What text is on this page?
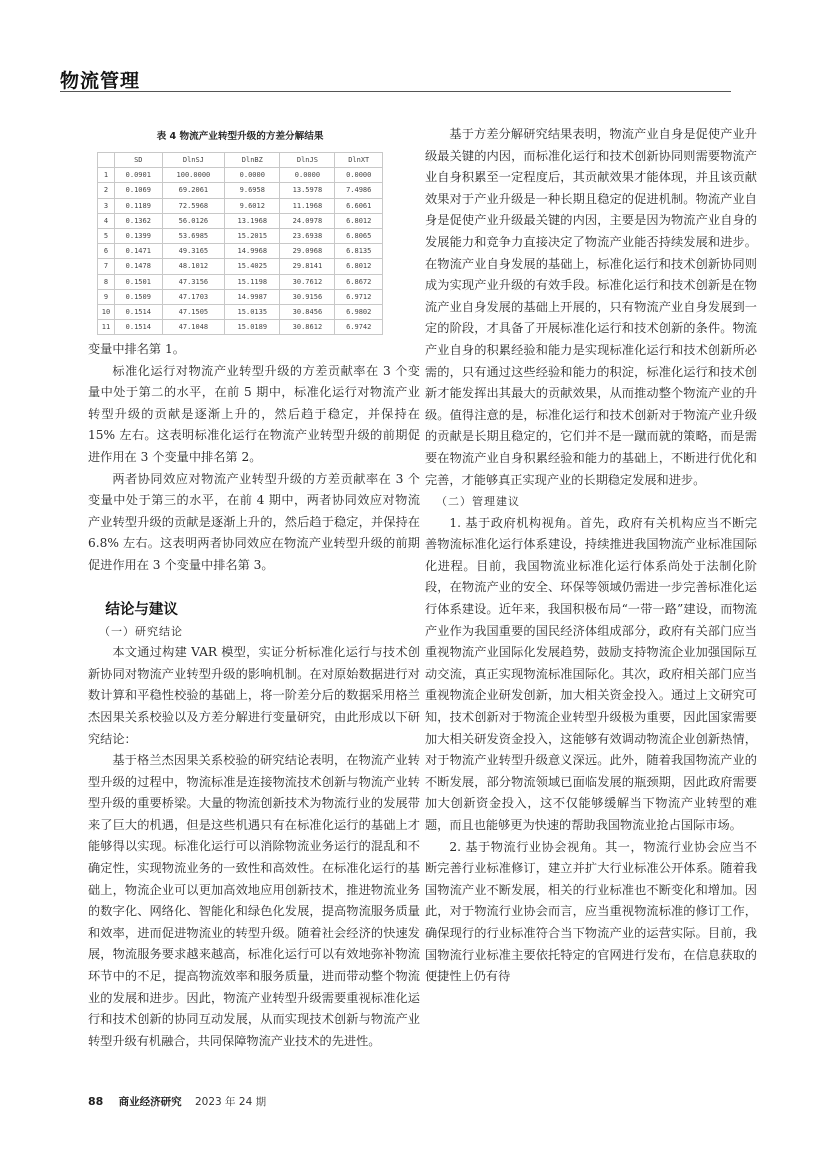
物流管理
表 4 物流产业转型升级的方差分解结果
	SD	DlnSJ	DlnBZ	DlnJS	DlnXT
1	0.0901	100.0000	0.0000	0.0000	0.0000
2	0.1069	69.2061	9.6958	13.5978	7.4986
3	0.1189	72.5968	9.6012	11.1968	6.6061
4	0.1362	56.0126	13.1968	24.0978	6.8012
5	0.1399	53.6985	15.2015	23.6938	6.8065
6	0.1471	49.3165	14.9968	29.0968	6.8135
7	0.1478	48.1012	15.4025	29.8141	6.8012
8	0.1501	47.3156	15.1198	30.7612	6.8672
9	0.1509	47.1703	14.9987	30.9156	6.9712
10	0.1514	47.1505	15.0135	30.8456	6.9802
11	0.1514	47.1048	15.0189	30.8612	6.9742

变量中排名第 1。

标准化运行对物流产业转型升级的方差贡献率在 3 个变量中处于第二的水平，在前 5 期中，标准化运行对物流产业转型升级的贡献是逐渐上升的，然后趋于稳定，并保持在 15% 左右。这表明标准化运行在物流产业转型升级的前期促进作用在 3 个变量中排名第 2。

两者协同效应对物流产业转型升级的方差贡献率在 3 个变量中处于第三的水平，在前 4 期中，两者协同效应对物流产业转型升级的贡献是逐渐上升的，然后趋于稳定，并保持在 6.8% 左右。这表明两者协同效应在物流产业转型升级的前期促进作用在 3 个变量中排名第 3。

结论与建议
（一）研究结论

本文通过构建 VAR 模型，实证分析标准化运行与技术创新协同对物流产业转型升级的影响机制。在对原始数据进行对数计算和平稳性校验的基础上，将一阶差分后的数据采用格兰杰因果关系校验以及方差分解进行变量研究，由此形成以下研究结论：

基于格兰杰因果关系校验的研究结论表明，在物流产业转型升级的过程中，物流标准是连接物流技术创新与物流产业转型升级的重要桥梁。大量的物流创新技术为物流行业的发展带来了巨大的机遇，但是这些机遇只有在标准化运行的基础上才能够得以实现。标准化运行可以消除物流业务运行的混乱和不确定性，实现物流业务的一致性和高效性。在标准化运行的基础上，物流企业可以更加高效地应用创新技术，推进物流业务的数字化、网络化、智能化和绿色化发展，提高物流服务质量和效率，进而促进物流业的转型升级。随着社会经济的快速发展，物流服务要求越来越高，标准化运行可以有效地弥补物流环节中的不足，提高物流效率和服务质量，进而带动整个物流业的发展和进步。因此，物流产业转型升级需要重视标准化运行和技术创新的协同互动发展，从而实现技术创新与物流产业转型升级有机融合，共同保障物流产业技术的先进性。

基于方差分解研究结果表明，物流产业自身是促使产业升级最关键的内因，而标准化运行和技术创新协同则需要物流产业自身积累至一定程度后，其贡献效果才能体现，并且该贡献效果对于产业升级是一种长期且稳定的促进机制。物流产业自身是促使产业升级最关键的内因，主要是因为物流产业自身的发展能力和竞争力直接决定了物流产业能否持续发展和进步。在物流产业自身发展的基础上，标准化运行和技术创新协同则成为实现产业升级的有效手段。标准化运行和技术创新是在物流产业自身发展的基础上开展的，只有物流产业自身发展到一定的阶段，才具备了开展标准化运行和技术创新的条件。物流产业自身的积累经验和能力是实现标准化运行和技术创新所必需的，只有通过这些经验和能力的积淀，标准化运行和技术创新才能发挥出其最大的贡献效果，从而推动整个物流产业的升级。值得注意的是，标准化运行和技术创新对于物流产业升级的贡献是长期且稳定的，它们并不是一蹴而就的策略，而是需要在物流产业自身积累经验和能力的基础上，不断进行优化和完善，才能够真正实现产业的长期稳定发展和进步。

（二）管理建议

1. 基于政府机构视角。首先，政府有关机构应当不断完善物流标准化运行体系建设，持续推进我国物流产业标准国际化进程。目前，我国物流业标准化运行体系尚处于法制化阶段，在物流产业的安全、环保等领域仍需进一步完善标准化运行体系建设。近年来，我国积极布局“一带一路”建设，而物流产业作为我国重要的国民经济体组成部分，政府有关部门应当重视物流产业国际化发展趋势，鼓励支持物流企业加强国际互动交流，真正实现物流标准国际化。其次，政府相关部门应当重视物流企业研发创新，加大相关资金投入。通过上文研究可知，技术创新对于物流企业转型升级极为重要，因此国家需要加大相关研发资金投入，这能够有效调动物流企业创新热情，对于物流产业转型升级意义深远。此外，随着我国物流产业的不断发展，部分物流领域已面临发展的瓶颈期，因此政府需要加大创新资金投入，这不仅能够缓解当下物流产业转型的难题，而且也能够更为快速的帮助我国物流业抢占国际市场。

2. 基于物流行业协会视角。其一，物流行业协会应当不断完善行业标准修订，建立并扩大行业标准公开体系。随着我国物流产业不断发展，相关的行业标准也不断变化和增加。因此，对于物流行业协会而言，应当重视物流标准的修订工作，确保现行的行业标准符合当下物流产业的运营实际。目前，我国物流行业标准主要依托特定的官网进行发布，在信息获取的便捷性上仍有待

88 商业经济研究 2023 年 24 期
